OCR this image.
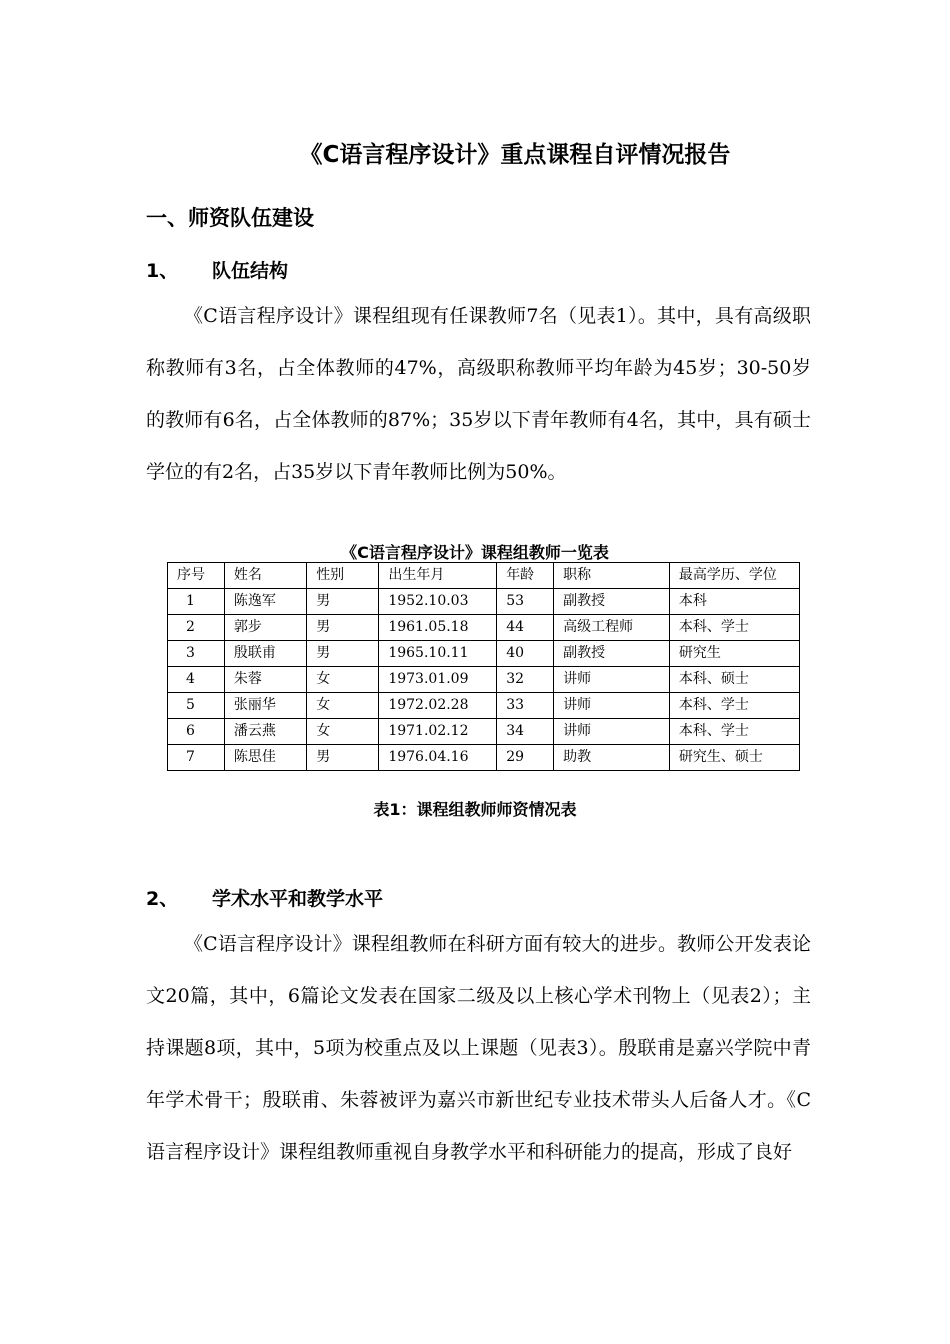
《C语言程序设计》重点课程自评情况报告
一、师资队伍建设
1、 队伍结构

《C语言程序设计》课程组现有任课教师7名（见表1）。其中，具有高级职称教师有3名，占全体教师的47%，高级职称教师平均年龄为45岁；30-50岁的教师有6名，占全体教师的87%；35岁以下青年教师有4名，其中，具有硕士学位的有2名，占35岁以下青年教师比例为50%。

《C语言程序设计》课程组教师一览表
序号	姓名	性别	出生年月	年龄	职称	最高学历、学位
1	陈逸军	男	1952.10.03	53	副教授	本科
2	郭步	男	1961.05.18	44	高级工程师	本科、学士
3	殷联甫	男	1965.10.11	40	副教授	研究生
4	朱蓉	女	1973.01.09	32	讲师	本科、硕士
5	张丽华	女	1972.02.28	33	讲师	本科、学士
6	潘云燕	女	1971.02.12	34	讲师	本科、学士
7	陈思佳	男	1976.04.16	29	助教	研究生、硕士
表1：课程组教师师资情况表
2、 学术水平和教学水平

《C语言程序设计》课程组教师在科研方面有较大的进步。教师公开发表论文20篇，其中，6篇论文发表在国家二级及以上核心学术刊物上（见表2）；主持课题8项，其中，5项为校重点及以上课题（见表3）。殷联甫是嘉兴学院中青年学术骨干；殷联甫、朱蓉被评为嘉兴市新世纪专业技术带头人后备人才。《C语言程序设计》课程组教师重视自身教学水平和科研能力的提高，形成了良好
